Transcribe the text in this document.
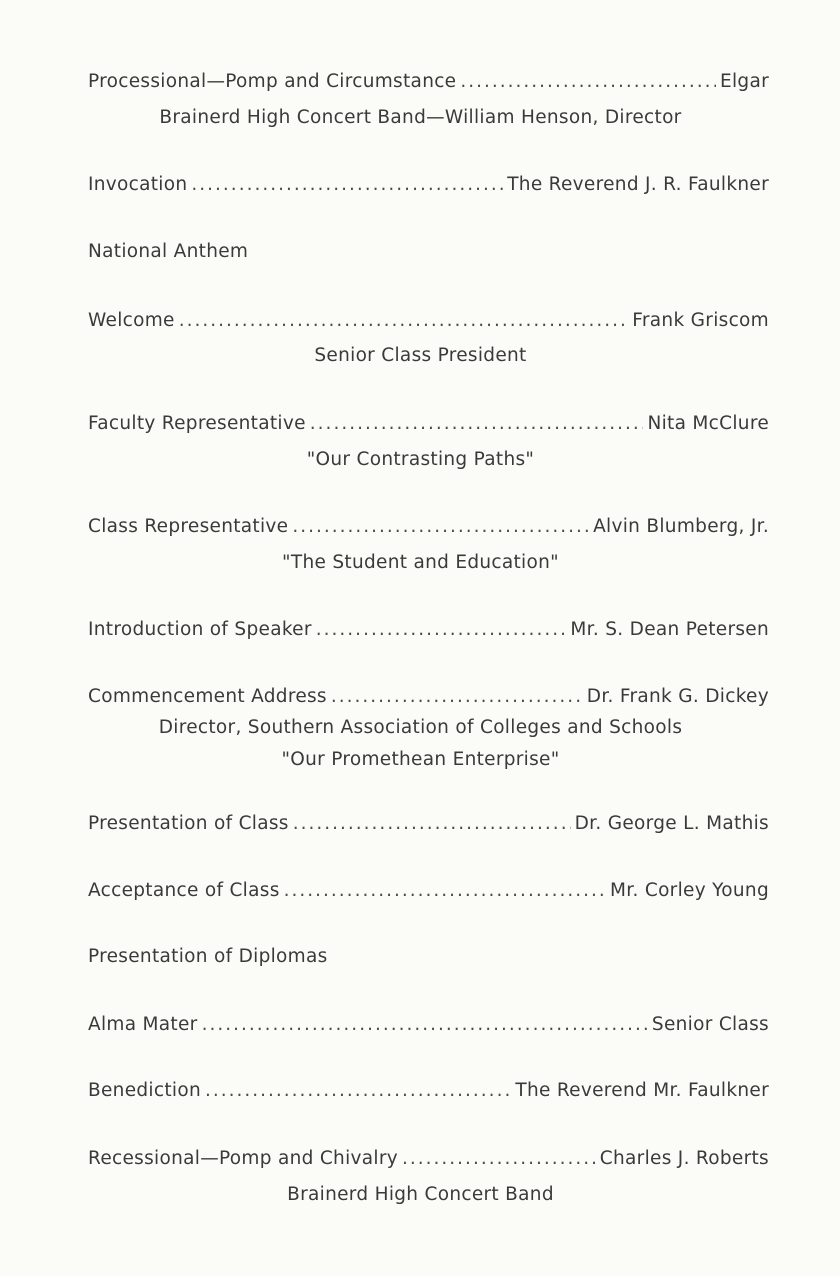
Processional—Pomp and Circumstance .....	Elgar
Brainerd High Concert Band—William Henson, Director
Invocation .....	The Reverend J. R. Faulkner
National Anthem
Welcome .....	Frank Griscom
Senior Class President
Faculty Representative .....	Nita McClure
"Our Contrasting Paths"
Class Representative .....	Alvin Blumberg, Jr.
"The Student and Education"
Introduction of Speaker .....	Mr. S. Dean Petersen
Commencement Address .....	Dr. Frank G. Dickey
Director, Southern Association of Colleges and Schools
"Our Promethean Enterprise"
Presentation of Class .....	Dr. George L. Mathis
Acceptance of Class .....	Mr. Corley Young
Presentation of Diplomas
Alma Mater .....	Senior Class
Benediction .....	The Reverend Mr. Faulkner
Recessional—Pomp and Chivalry .....	Charles J. Roberts
Brainerd High Concert Band
